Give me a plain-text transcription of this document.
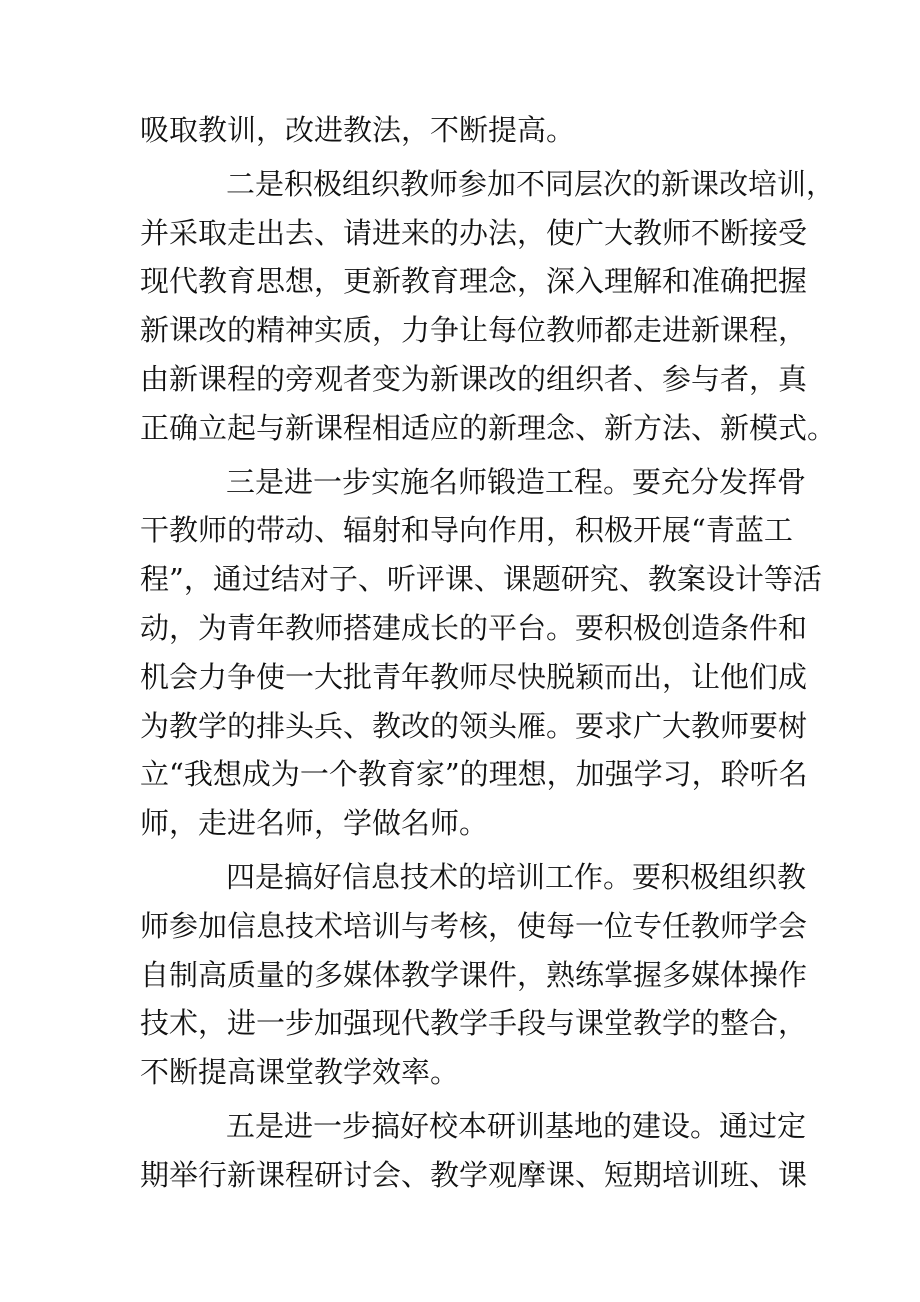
吸取教训，改进教法，不断提高。
二是积极组织教师参加不同层次的新课改培训，
并采取走出去、请进来的办法，使广大教师不断接受
现代教育思想，更新教育理念，深入理解和准确把握
新课改的精神实质，力争让每位教师都走进新课程，
由新课程的旁观者变为新课改的组织者、参与者，真
正确立起与新课程相适应的新理念、新方法、新模式。
三是进一步实施名师锻造工程。要充分发挥骨
干教师的带动、辐射和导向作用，积极开展“青蓝工
程”，通过结对子、听评课、课题研究、教案设计等活
动，为青年教师搭建成长的平台。要积极创造条件和
机会力争使一大批青年教师尽快脱颖而出，让他们成
为教学的排头兵、教改的领头雁。要求广大教师要树
立“我想成为一个教育家”的理想，加强学习，聆听名
师，走进名师，学做名师。
四是搞好信息技术的培训工作。要积极组织教
师参加信息技术培训与考核，使每一位专任教师学会
自制高质量的多媒体教学课件，熟练掌握多媒体操作
技术，进一步加强现代教学手段与课堂教学的整合，
不断提高课堂教学效率。
五是进一步搞好校本研训基地的建设。通过定
期举行新课程研讨会、教学观摩课、短期培训班、课
